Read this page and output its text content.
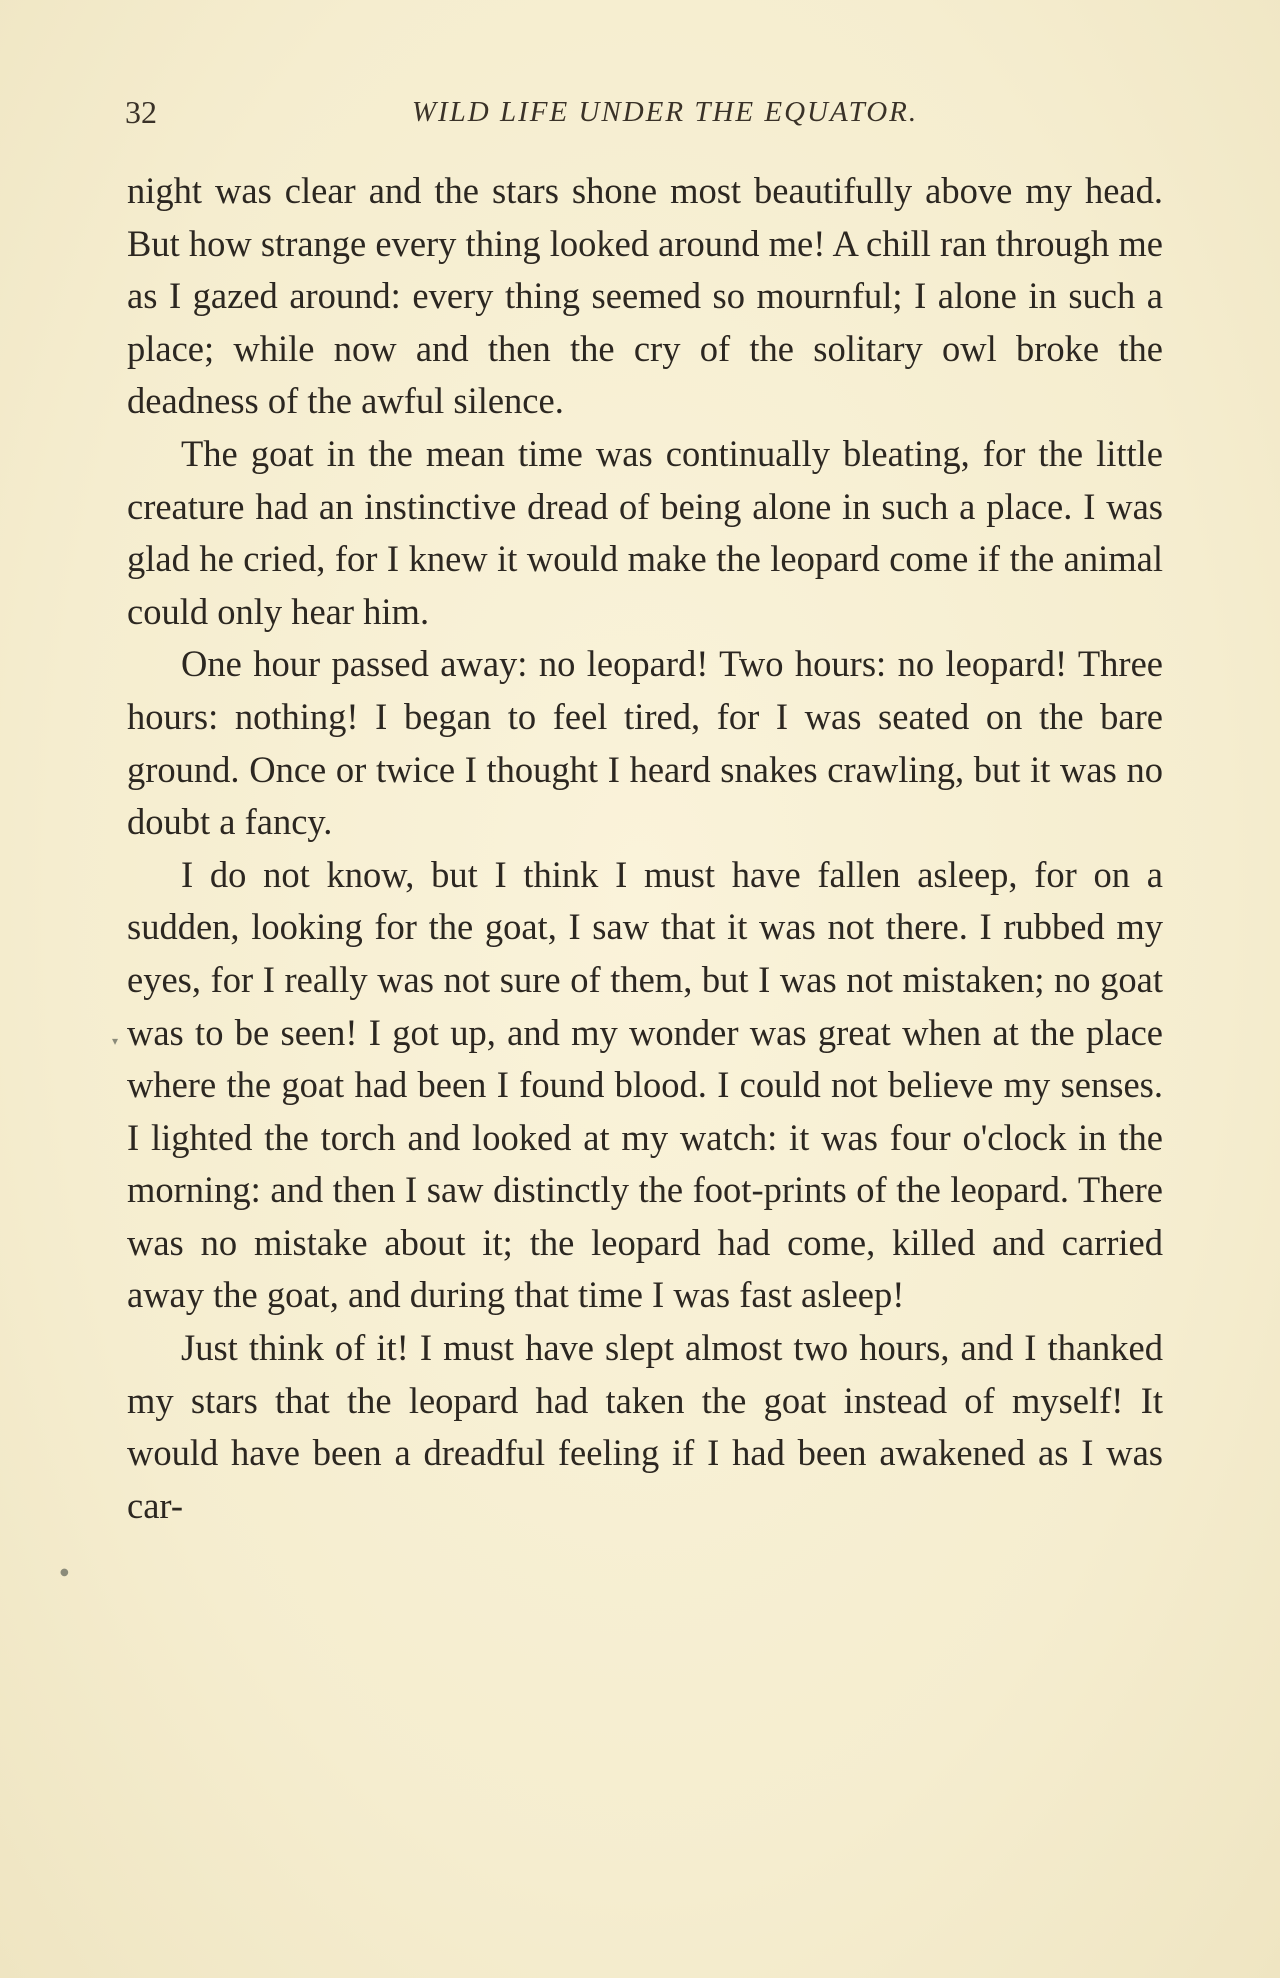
32	WILD LIFE UNDER THE EQUATOR.

night was clear and the stars shone most beautifully above my head. But how strange every thing looked around me! A chill ran through me as I gazed around: every thing seemed so mournful; I alone in such a place; while now and then the cry of the solitary owl broke the deadness of the awful silence.

The goat in the mean time was continually bleating, for the little creature had an instinctive dread of being alone in such a place. I was glad he cried, for I knew it would make the leopard come if the animal could only hear him.

One hour passed away: no leopard! Two hours: no leopard! Three hours: nothing! I began to feel tired, for I was seated on the bare ground. Once or twice I thought I heard snakes crawling, but it was no doubt a fancy.

I do not know, but I think I must have fallen asleep, for on a sudden, looking for the goat, I saw that it was not there. I rubbed my eyes, for I really was not sure of them, but I was not mistaken; no goat was to be seen! I got up, and my wonder was great when at the place where the goat had been I found blood. I could not believe my senses. I lighted the torch and looked at my watch: it was four o'clock in the morning: and then I saw distinctly the foot-prints of the leopard. There was no mistake about it; the leopard had come, killed and carried away the goat, and during that time I was fast asleep!

Just think of it! I must have slept almost two hours, and I thanked my stars that the leopard had taken the goat instead of myself! It would have been a dreadful feeling if I had been awakened as I was car-

▾
●
